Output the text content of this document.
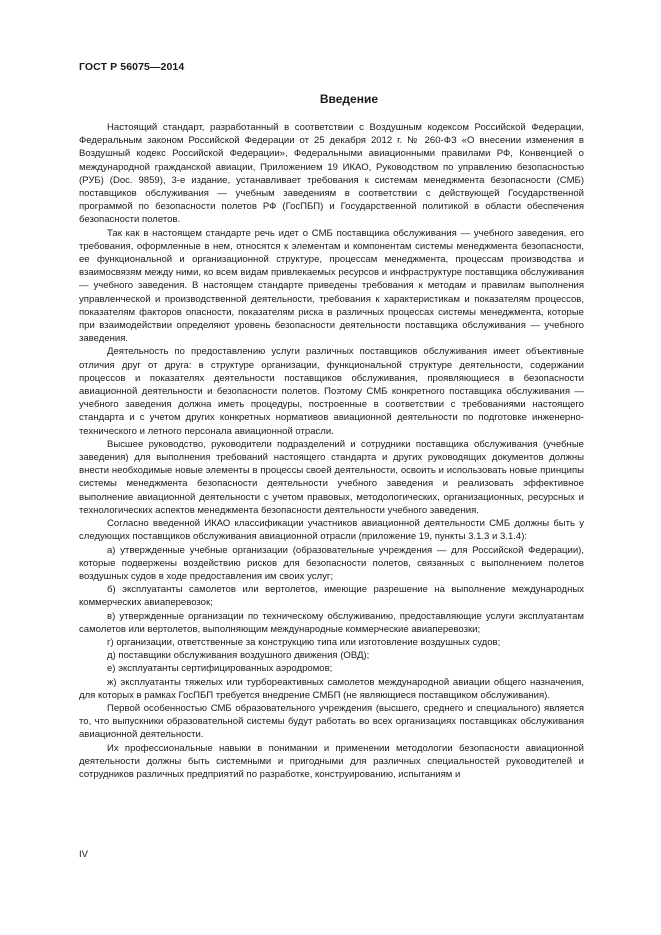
ГОСТ Р 56075—2014
Введение

Настоящий стандарт, разработанный в соответствии с Воздушным кодексом Российской Федерации, Федеральным законом Российской Федерации от 25 декабря 2012 г. № 260-ФЗ «О внесении изменения в Воздушный кодекс Российской Федерации», Федеральными авиационными правилами РФ, Конвенцией о международной гражданской авиации, Приложением 19 ИКАО, Руководством по управлению безопасностью (РУБ) (Doc. 9859), 3-е издание, устанавливает требования к системам менеджмента безопасности (СМБ) поставщиков обслуживания — учебным заведениям в соответствии с действующей Государственной программой по безопасности полетов РФ (ГосПБП) и Государственной политикой в области обеспечения безопасности полетов.

Так как в настоящем стандарте речь идет о СМБ поставщика обслуживания — учебного заведения, его требования, оформленные в нем, относятся к элементам и компонентам системы менеджмента безопасности, ее функциональной и организационной структуре, процессам менеджмента, процессам производства и взаимосвязям между ними, ко всем видам привлекаемых ресурсов и инфраструктуре поставщика обслуживания — учебного заведения. В настоящем стандарте приведены требования к методам и правилам выполнения управленческой и производственной деятельности, требования к характеристикам и показателям процессов, показателям факторов опасности, показателям риска в различных процессах системы менеджмента, которые при взаимодействии определяют уровень безопасности деятельности поставщика обслуживания — учебного заведения.

Деятельность по предоставлению услуги различных поставщиков обслуживания имеет объективные отличия друг от друга: в структуре организации, функциональной структуре деятельности, содержании процессов и показателях деятельности поставщиков обслуживания, проявляющиеся в безопасности авиационной деятельности и безопасности полетов. Поэтому СМБ конкретного поставщика обслуживания — учебного заведения должна иметь процедуры, построенные в соответствии с требованиями настоящего стандарта и с учетом других конкретных нормативов авиационной деятельности по подготовке инженерно-технического и летного персонала авиационной отрасли.

Высшее руководство, руководители подразделений и сотрудники поставщика обслуживания (учебные заведения) для выполнения требований настоящего стандарта и других руководящих документов должны внести необходимые новые элементы в процессы своей деятельности, освоить и использовать новые принципы системы менеджмента безопасности деятельности учебного заведения и реализовать эффективное выполнение авиационной деятельности с учетом правовых, методологических, организационных, ресурсных и технологических аспектов менеджмента безопасности деятельности учебного заведения.

Согласно введенной ИКАО классификации участников авиационной деятельности СМБ должны быть у следующих поставщиков обслуживания авиационной отрасли (приложение 19, пункты 3.1.3 и 3.1.4):

а) утвержденные учебные организации (образовательные учреждения — для Российской Федерации), которые подвержены воздействию рисков для безопасности полетов, связанных с выполнением полетов воздушных судов в ходе предоставления им своих услуг;

б) эксплуатанты самолетов или вертолетов, имеющие разрешение на выполнение международных коммерческих авиаперевозок;

в) утвержденные организации по техническому обслуживанию, предоставляющие услуги эксплуатантам самолетов или вертолетов, выполняющим международные коммерческие авиаперевозки;

г) организации, ответственные за конструкцию типа или изготовление воздушных судов;

д) поставщики обслуживания воздушного движения (ОВД);

е) эксплуатанты сертифицированных аэродромов;

ж) эксплуатанты тяжелых или турбореактивных самолетов международной авиации общего назначения, для которых в рамках ГосПБП требуется внедрение СМБП (не являющиеся поставщиком обслуживания).

Первой особенностью СМБ образовательного учреждения (высшего, среднего и специального) является то, что выпускники образовательной системы будут работать во всех организациях поставщиках обслуживания авиационной деятельности.

Их профессиональные навыки в понимании и применении методологии безопасности авиационной деятельности должны быть системными и пригодными для различных специальностей руководителей и сотрудников различных предприятий по разработке, конструированию, испытаниям и

IV
